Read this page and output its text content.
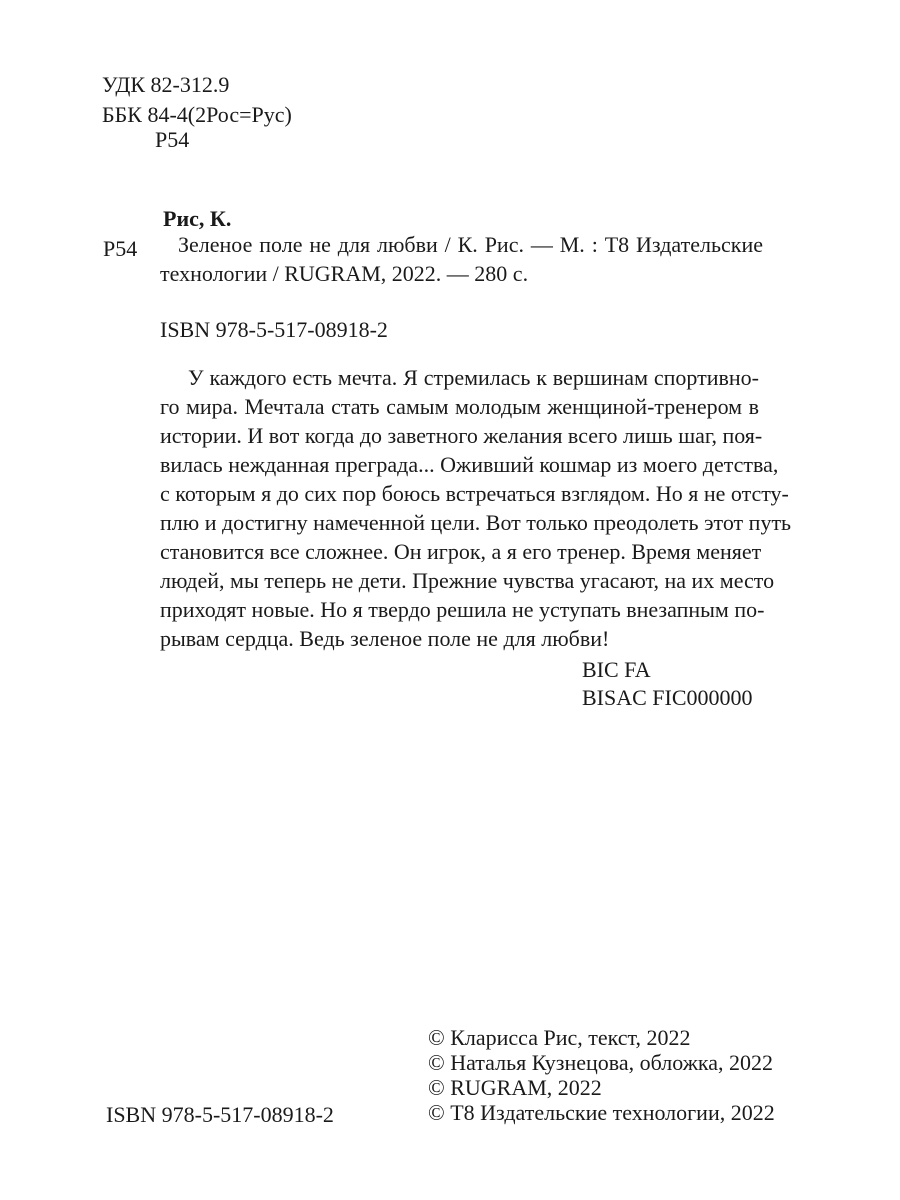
УДК 82-312.9

ББК 84-4(2Рос=Рус)

Р54

Рис, К.

Р54 Зеленое поле не для любви / К. Рис. — М. : Т8 Издательские

технологии / RUGRAM, 2022. — 280 с.

ISBN 978-5-517-08918-2

У каждого есть мечта. Я стремилась к вершинам спортивно-

го мира. Мечтала стать самым молодым женщиной-тренером в

истории. И вот когда до заветного желания всего лишь шаг, поя-

вилась нежданная преграда... Оживший кошмар из моего детства,

с которым я до сих пор боюсь встречаться взглядом. Но я не отсту-

плю и достигну намеченной цели. Вот только преодолеть этот путь

становится все сложнее. Он игрок, а я его тренер. Время меняет

людей, мы теперь не дети. Прежние чувства угасают, на их место

приходят новые. Но я твердо решила не уступать внезапным по-

рывам сердца. Ведь зеленое поле не для любви!

BIC FA

BISAC FIC000000

© Кларисса Рис, текст, 2022

© Наталья Кузнецова, обложка, 2022

© RUGRAM, 2022

© Т8 Издательские технологии, 2022

ISBN 978-5-517-08918-2
